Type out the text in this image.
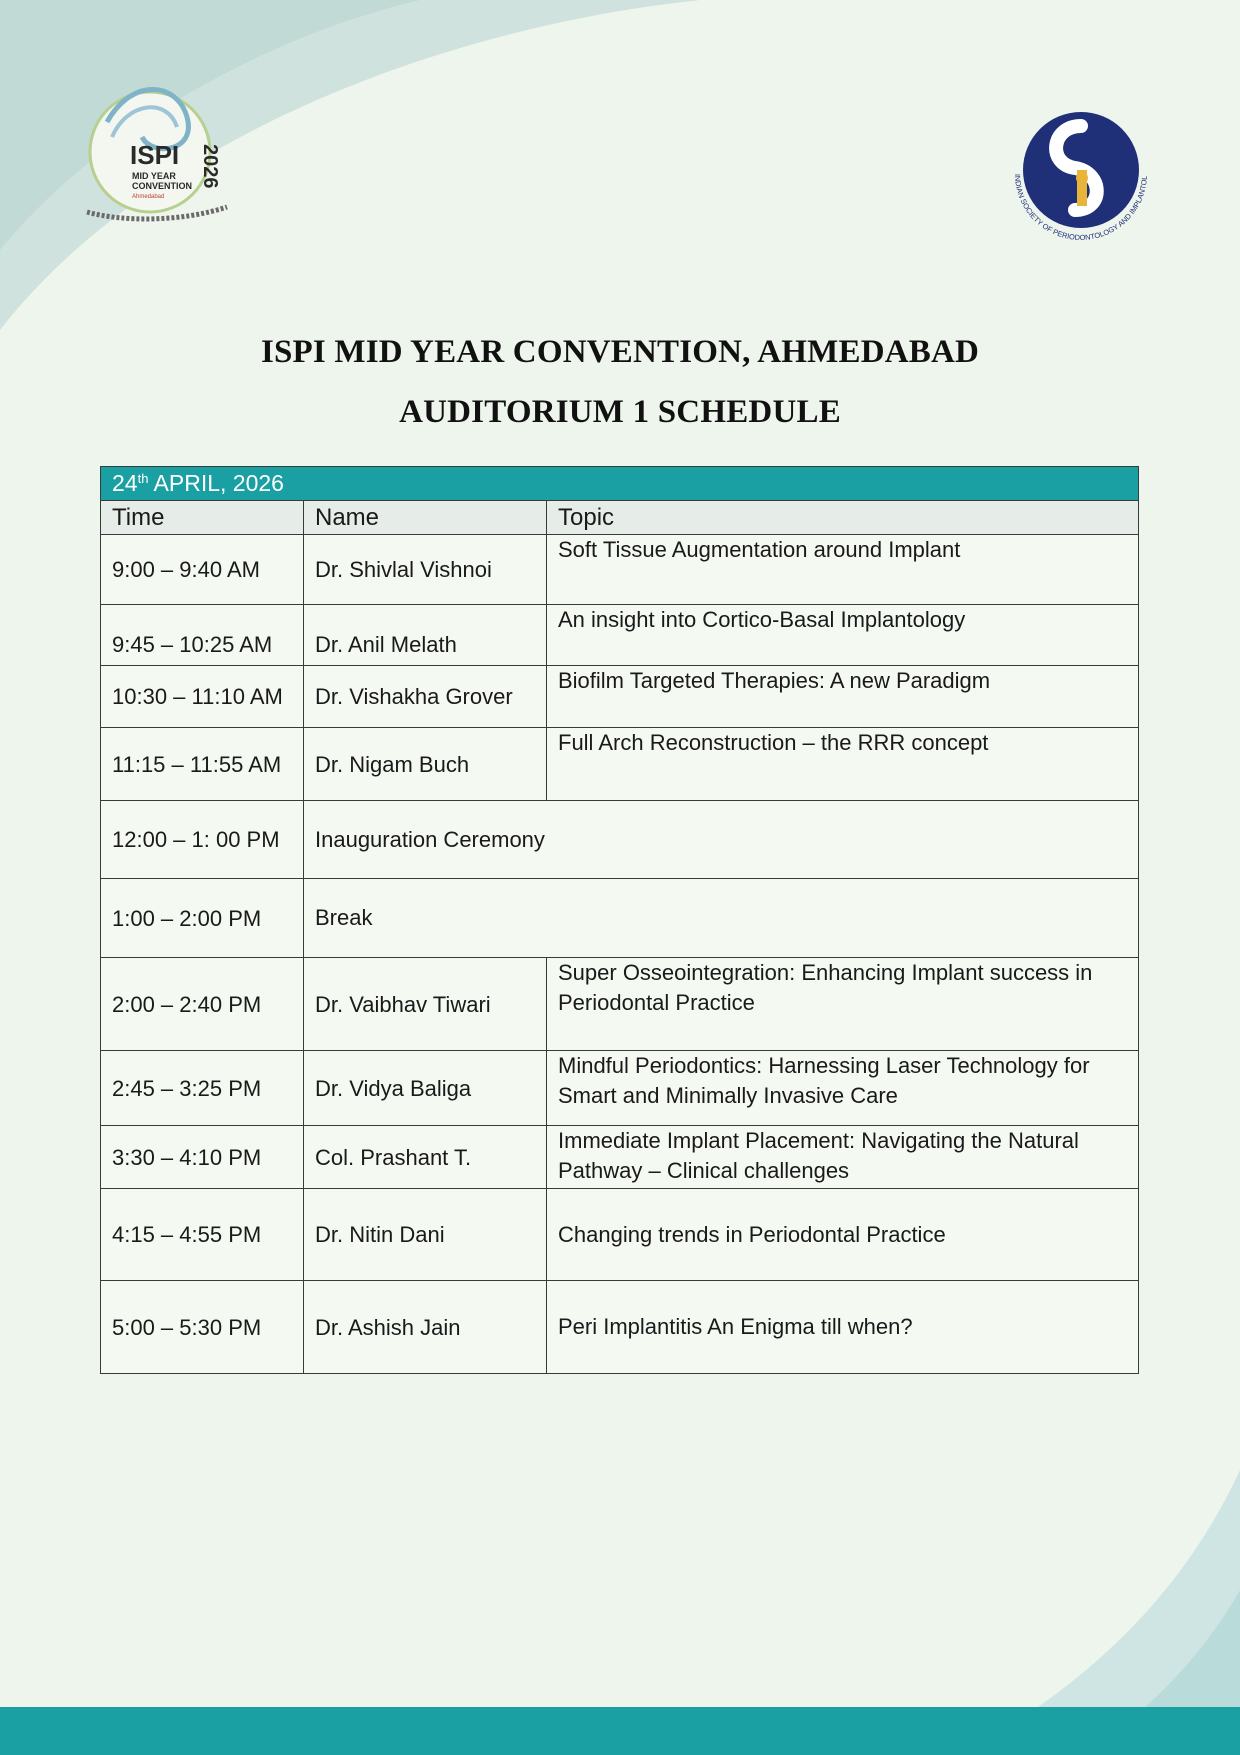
ISPI
MID YEAR
CONVENTION
Ahmedabad
2026	INDIAN SOCIETY OF PERIODONTOLOGY AND IMPLANTOL
ISPI MID YEAR CONVENTION, AHMEDABAD
AUDITORIUM 1 SCHEDULE
24th APRIL, 2026		
Time	Name	Topic
9:00 – 9:40 AM	Dr. Shivlal Vishnoi	Soft Tissue Augmentation around Implant
9:45 – 10:25 AM	Dr. Anil Melath	An insight into Cortico-Basal Implantology
10:30 – 11:10 AM	Dr. Vishakha Grover	Biofilm Targeted Therapies: A new Paradigm
11:15 – 11:55 AM	Dr. Nigam Buch	Full Arch Reconstruction – the RRR concept
12:00 – 1: 00 PM	Inauguration Ceremony	
1:00 – 2:00 PM	Break	
2:00 – 2:40 PM	Dr. Vaibhav Tiwari	Super Osseointegration: Enhancing Implant success in Periodontal Practice
2:45 – 3:25 PM	Dr. Vidya Baliga	Mindful Periodontics: Harnessing Laser Technology for Smart and Minimally Invasive Care
3:30 – 4:10 PM	Col. Prashant T.	Immediate Implant Placement: Navigating the Natural Pathway – Clinical challenges
4:15 – 4:55 PM	Dr. Nitin Dani	Changing trends in Periodontal Practice
5:00 – 5:30 PM	Dr. Ashish Jain	Peri Implantitis An Enigma till when?
